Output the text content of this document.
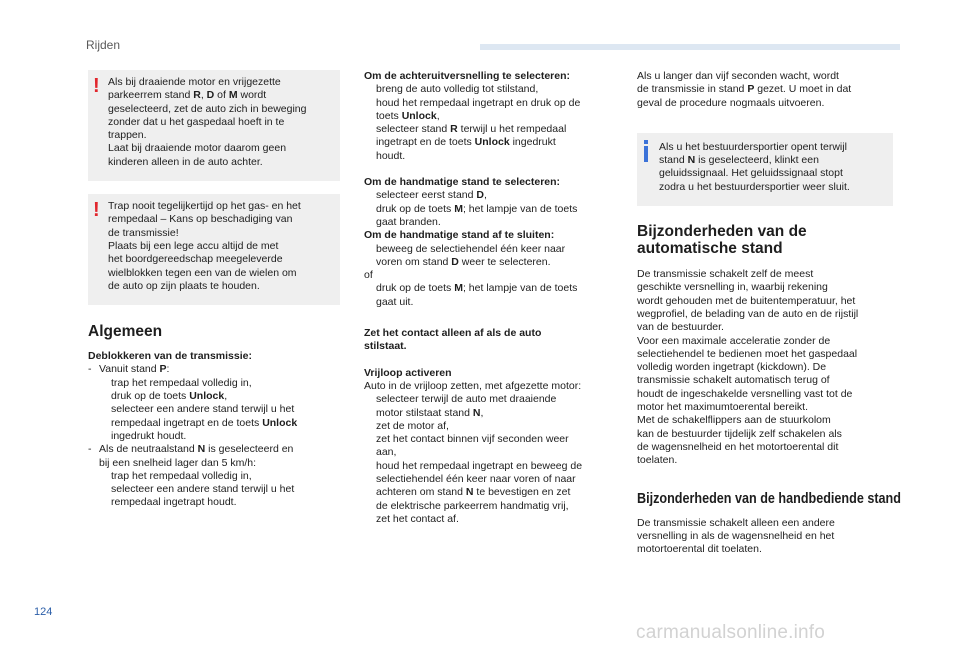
Rijden
! Als bij draaiende motor en vrijgezette
parkeerrem stand R, D of M wordt
geselecteerd, zet de auto zich in beweging
zonder dat u het gaspedaal hoeft in te
trappen.
Laat bij draaiende motor daarom geen
kinderen alleen in de auto achter.

! Trap nooit tegelijkertijd op het gas- en het
rempedaal – Kans op beschadiging van
de transmissie!
Plaats bij een lege accu altijd de met
het boordgereedschap meegeleverde
wielblokken tegen een van de wielen om
de auto op zijn plaats te houden.

Algemeen

Deblokkeren van de transmissie:

- Vanuit stand P:
trap het rempedaal volledig in,
druk op de toets Unlock,
selecteer een andere stand terwijl u het
rempedaal ingetrapt en de toets Unlock
ingedrukt houdt.
- Als de neutraalstand N is geselecteerd en
bij een snelheid lager dan 5 km/h:
trap het rempedaal volledig in,
selecteer een andere stand terwijl u het
rempedaal ingetrapt houdt.

Om de achteruitversnelling te selecteren:

breng de auto volledig tot stilstand,
houd het rempedaal ingetrapt en druk op de
toets Unlock,
selecteer stand R terwijl u het rempedaal
ingetrapt en de toets Unlock ingedrukt
houdt.

Om de handmatige stand te selecteren:

selecteer eerst stand D,
druk op de toets M; het lampje van de toets
gaat branden.

Om de handmatige stand af te sluiten:

beweeg de selectiehendel één keer naar
voren om stand D weer te selecteren.

of

druk op de toets M; het lampje van de toets
gaat uit.

Zet het contact alleen af als de auto
stilstaat.

Vrijloop activeren

Auto in de vrijloop zetten, met afgezette motor:

selecteer terwijl de auto met draaiende
motor stilstaat stand N,
zet de motor af,
zet het contact binnen vijf seconden weer
aan,
houd het rempedaal ingetrapt en beweeg de
selectiehendel één keer naar voren of naar
achteren om stand N te bevestigen en zet
de elektrische parkeerrem handmatig vrij,
zet het contact af.

Als u langer dan vijf seconden wacht, wordt
de transmissie in stand P gezet. U moet in dat
geval de procedure nogmaals uitvoeren.

Als u het bestuurdersportier opent terwijl
stand N is geselecteerd, klinkt een
geluidssignaal. Het geluidssignaal stopt
zodra u het bestuurdersportier weer sluit.

Bijzonderheden van de
automatische stand

De transmissie schakelt zelf de meest
geschikte versnelling in, waarbij rekening
wordt gehouden met de buitentemperatuur, het
wegprofiel, de belading van de auto en de rijstijl
van de bestuurder.
Voor een maximale acceleratie zonder de
selectiehendel te bedienen moet het gaspedaal
volledig worden ingetrapt (kickdown). De
transmissie schakelt automatisch terug of
houdt de ingeschakelde versnelling vast tot de
motor het maximumtoerental bereikt.
Met de schakelflippers aan de stuurkolom
kan de bestuurder tijdelijk zelf schakelen als
de wagensnelheid en het motortoerental dit
toelaten.

Bijzonderheden van de handbediende stand

De transmissie schakelt alleen een andere
versnelling in als de wagensnelheid en het
motortoerental dit toelaten.

124
carmanualsonline.info
